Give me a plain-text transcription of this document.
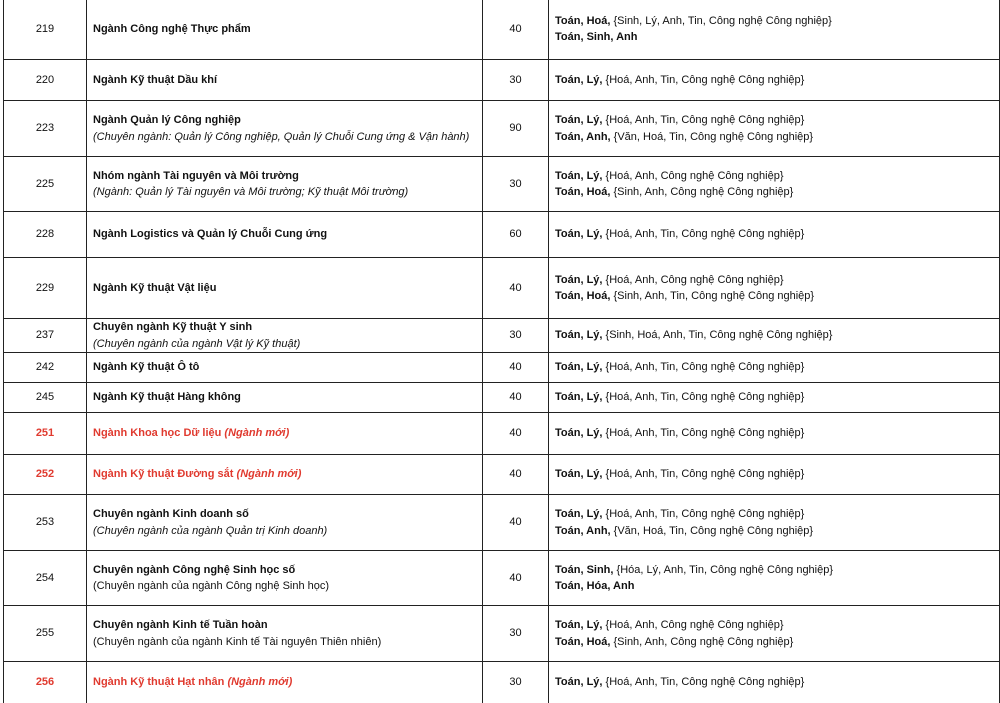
219	Ngành Công nghệ Thực phẩm	40	Toán, Hoá, {Sinh, Lý, Anh, Tin, Công nghệ Công nghiệp}
Toán, Sinh, Anh

220	Ngành Kỹ thuật Dầu khí	30	Toán, Lý, {Hoá, Anh, Tin, Công nghệ Công nghiệp}

223	Ngành Quản lý Công nghiệp
(Chuyên ngành: Quản lý Công nghiệp, Quản lý Chuỗi Cung ứng & Vận hành)	90	Toán, Lý, {Hoá, Anh, Tin, Công nghệ Công nghiệp}
Toán, Anh, {Văn, Hoá, Tin, Công nghệ Công nghiệp}

225	Nhóm ngành Tài nguyên và Môi trường
(Ngành: Quản lý Tài nguyên và Môi trường; Kỹ thuật Môi trường)	30	Toán, Lý, {Hoá, Anh, Công nghệ Công nghiệp}
Toán, Hoá, {Sinh, Anh, Công nghệ Công nghiệp}

228	Ngành Logistics và Quản lý Chuỗi Cung ứng	60	Toán, Lý, {Hoá, Anh, Tin, Công nghệ Công nghiệp}

229	Ngành Kỹ thuật Vật liệu	40	Toán, Lý, {Hoá, Anh, Công nghệ Công nghiệp}
Toán, Hoá, {Sinh, Anh, Tin, Công nghệ Công nghiệp}

237	Chuyên ngành Kỹ thuật Y sinh
(Chuyên ngành của ngành Vật lý Kỹ thuật)	30	Toán, Lý, {Sinh, Hoá, Anh, Tin, Công nghệ Công nghiệp}

242	Ngành Kỹ thuật Ô tô	40	Toán, Lý, {Hoá, Anh, Tin, Công nghệ Công nghiệp}

245	Ngành Kỹ thuật Hàng không	40	Toán, Lý, {Hoá, Anh, Tin, Công nghệ Công nghiệp}

251	Ngành Khoa học Dữ liệu (Ngành mới)	40	Toán, Lý, {Hoá, Anh, Tin, Công nghệ Công nghiệp}

252	Ngành Kỹ thuật Đường sắt (Ngành mới)	40	Toán, Lý, {Hoá, Anh, Tin, Công nghệ Công nghiệp}

253	Chuyên ngành Kinh doanh số
(Chuyên ngành của ngành Quản trị Kinh doanh)	40	Toán, Lý, {Hoá, Anh, Tin, Công nghệ Công nghiệp}
Toán, Anh, {Văn, Hoá, Tin, Công nghệ Công nghiệp}

254	Chuyên ngành Công nghệ Sinh học số
(Chuyên ngành của ngành Công nghệ Sinh học)	40	Toán, Sinh, {Hóa, Lý, Anh, Tin, Công nghệ Công nghiệp}
Toán, Hóa, Anh

255	Chuyên ngành Kinh tế Tuần hoàn
(Chuyên ngành của ngành Kinh tế Tài nguyên Thiên nhiên)	30	Toán, Lý, {Hoá, Anh, Công nghệ Công nghiệp}
Toán, Hoá, {Sinh, Anh, Công nghệ Công nghiệp}

256	Ngành Kỹ thuật Hạt nhân (Ngành mới)	30	Toán, Lý, {Hoá, Anh, Tin, Công nghệ Công nghiệp}
